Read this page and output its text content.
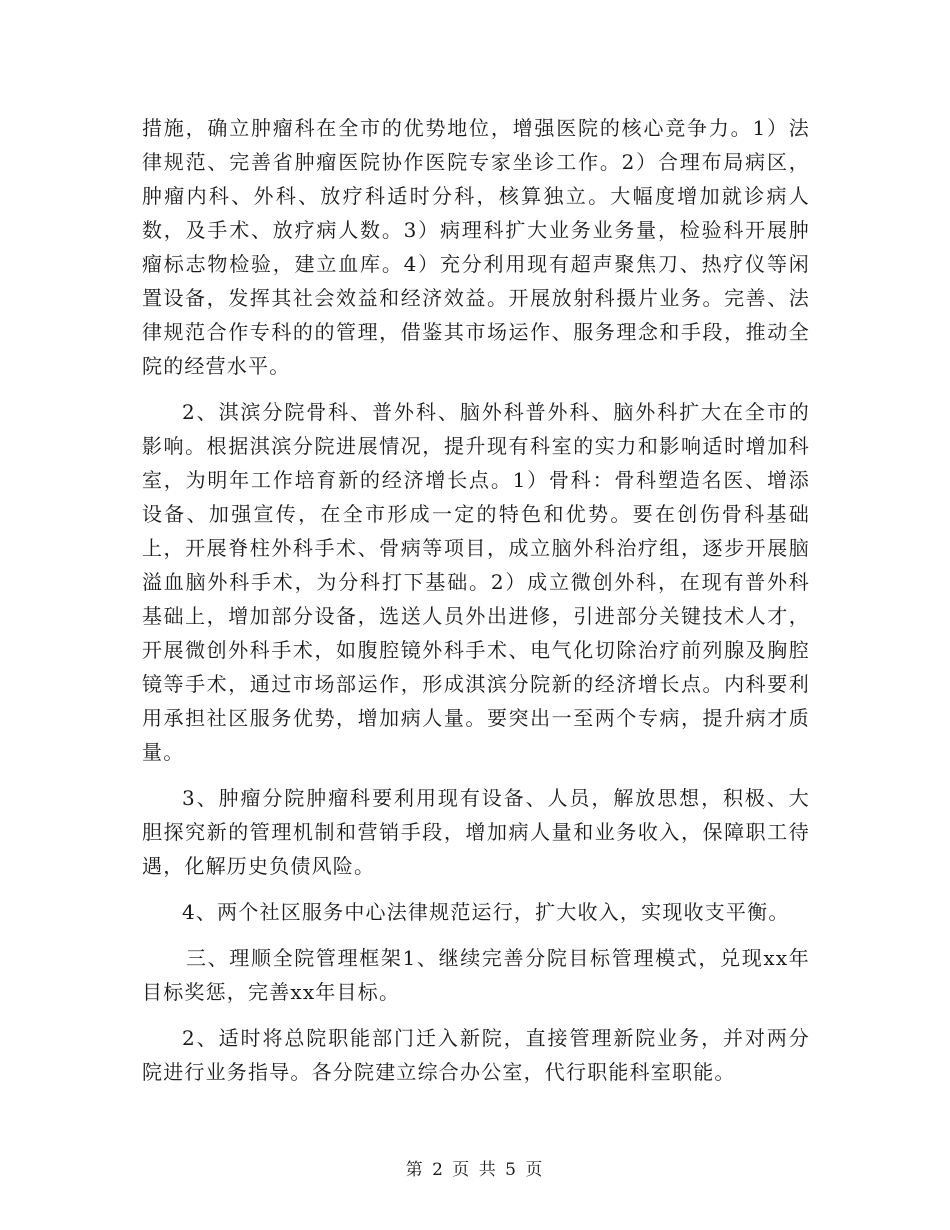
措施，确立肿瘤科在全市的优势地位，增强医院的核心竞争力。1）法律规范、完善省肿瘤医院协作医院专家坐诊工作。2）合理布局病区，肿瘤内科、外科、放疗科适时分科，核算独立。大幅度增加就诊病人数，及手术、放疗病人数。3）病理科扩大业务业务量，检验科开展肿瘤标志物检验，建立血库。4）充分利用现有超声聚焦刀、热疗仪等闲置设备，发挥其社会效益和经济效益。开展放射科摄片业务。完善、法律规范合作专科的的管理，借鉴其市场运作、服务理念和手段，推动全院的经营水平。

2、淇滨分院骨科、普外科、脑外科普外科、脑外科扩大在全市的影响。根据淇滨分院进展情况，提升现有科室的实力和影响适时增加科室，为明年工作培育新的经济增长点。1）骨科：骨科塑造名医、增添设备、加强宣传，在全市形成一定的特色和优势。要在创伤骨科基础上，开展脊柱外科手术、骨病等项目，成立脑外科治疗组，逐步开展脑溢血脑外科手术，为分科打下基础。2）成立微创外科，在现有普外科基础上，增加部分设备，选送人员外出进修，引进部分关键技术人才，开展微创外科手术，如腹腔镜外科手术、电气化切除治疗前列腺及胸腔镜等手术，通过市场部运作，形成淇滨分院新的经济增长点。内科要利用承担社区服务优势，增加病人量。要突出一至两个专病，提升病才质量。

3、肿瘤分院肿瘤科要利用现有设备、人员，解放思想，积极、大胆探究新的管理机制和营销手段，增加病人量和业务收入，保障职工待遇，化解历史负债风险。

4、两个社区服务中心法律规范运行，扩大收入，实现收支平衡。

三、理顺全院管理框架1、继续完善分院目标管理模式，兑现xx年目标奖惩，完善xx年目标。

2、适时将总院职能部门迁入新院，直接管理新院业务，并对两分院进行业务指导。各分院建立综合办公室，代行职能科室职能。

第 2 页 共 5 页
